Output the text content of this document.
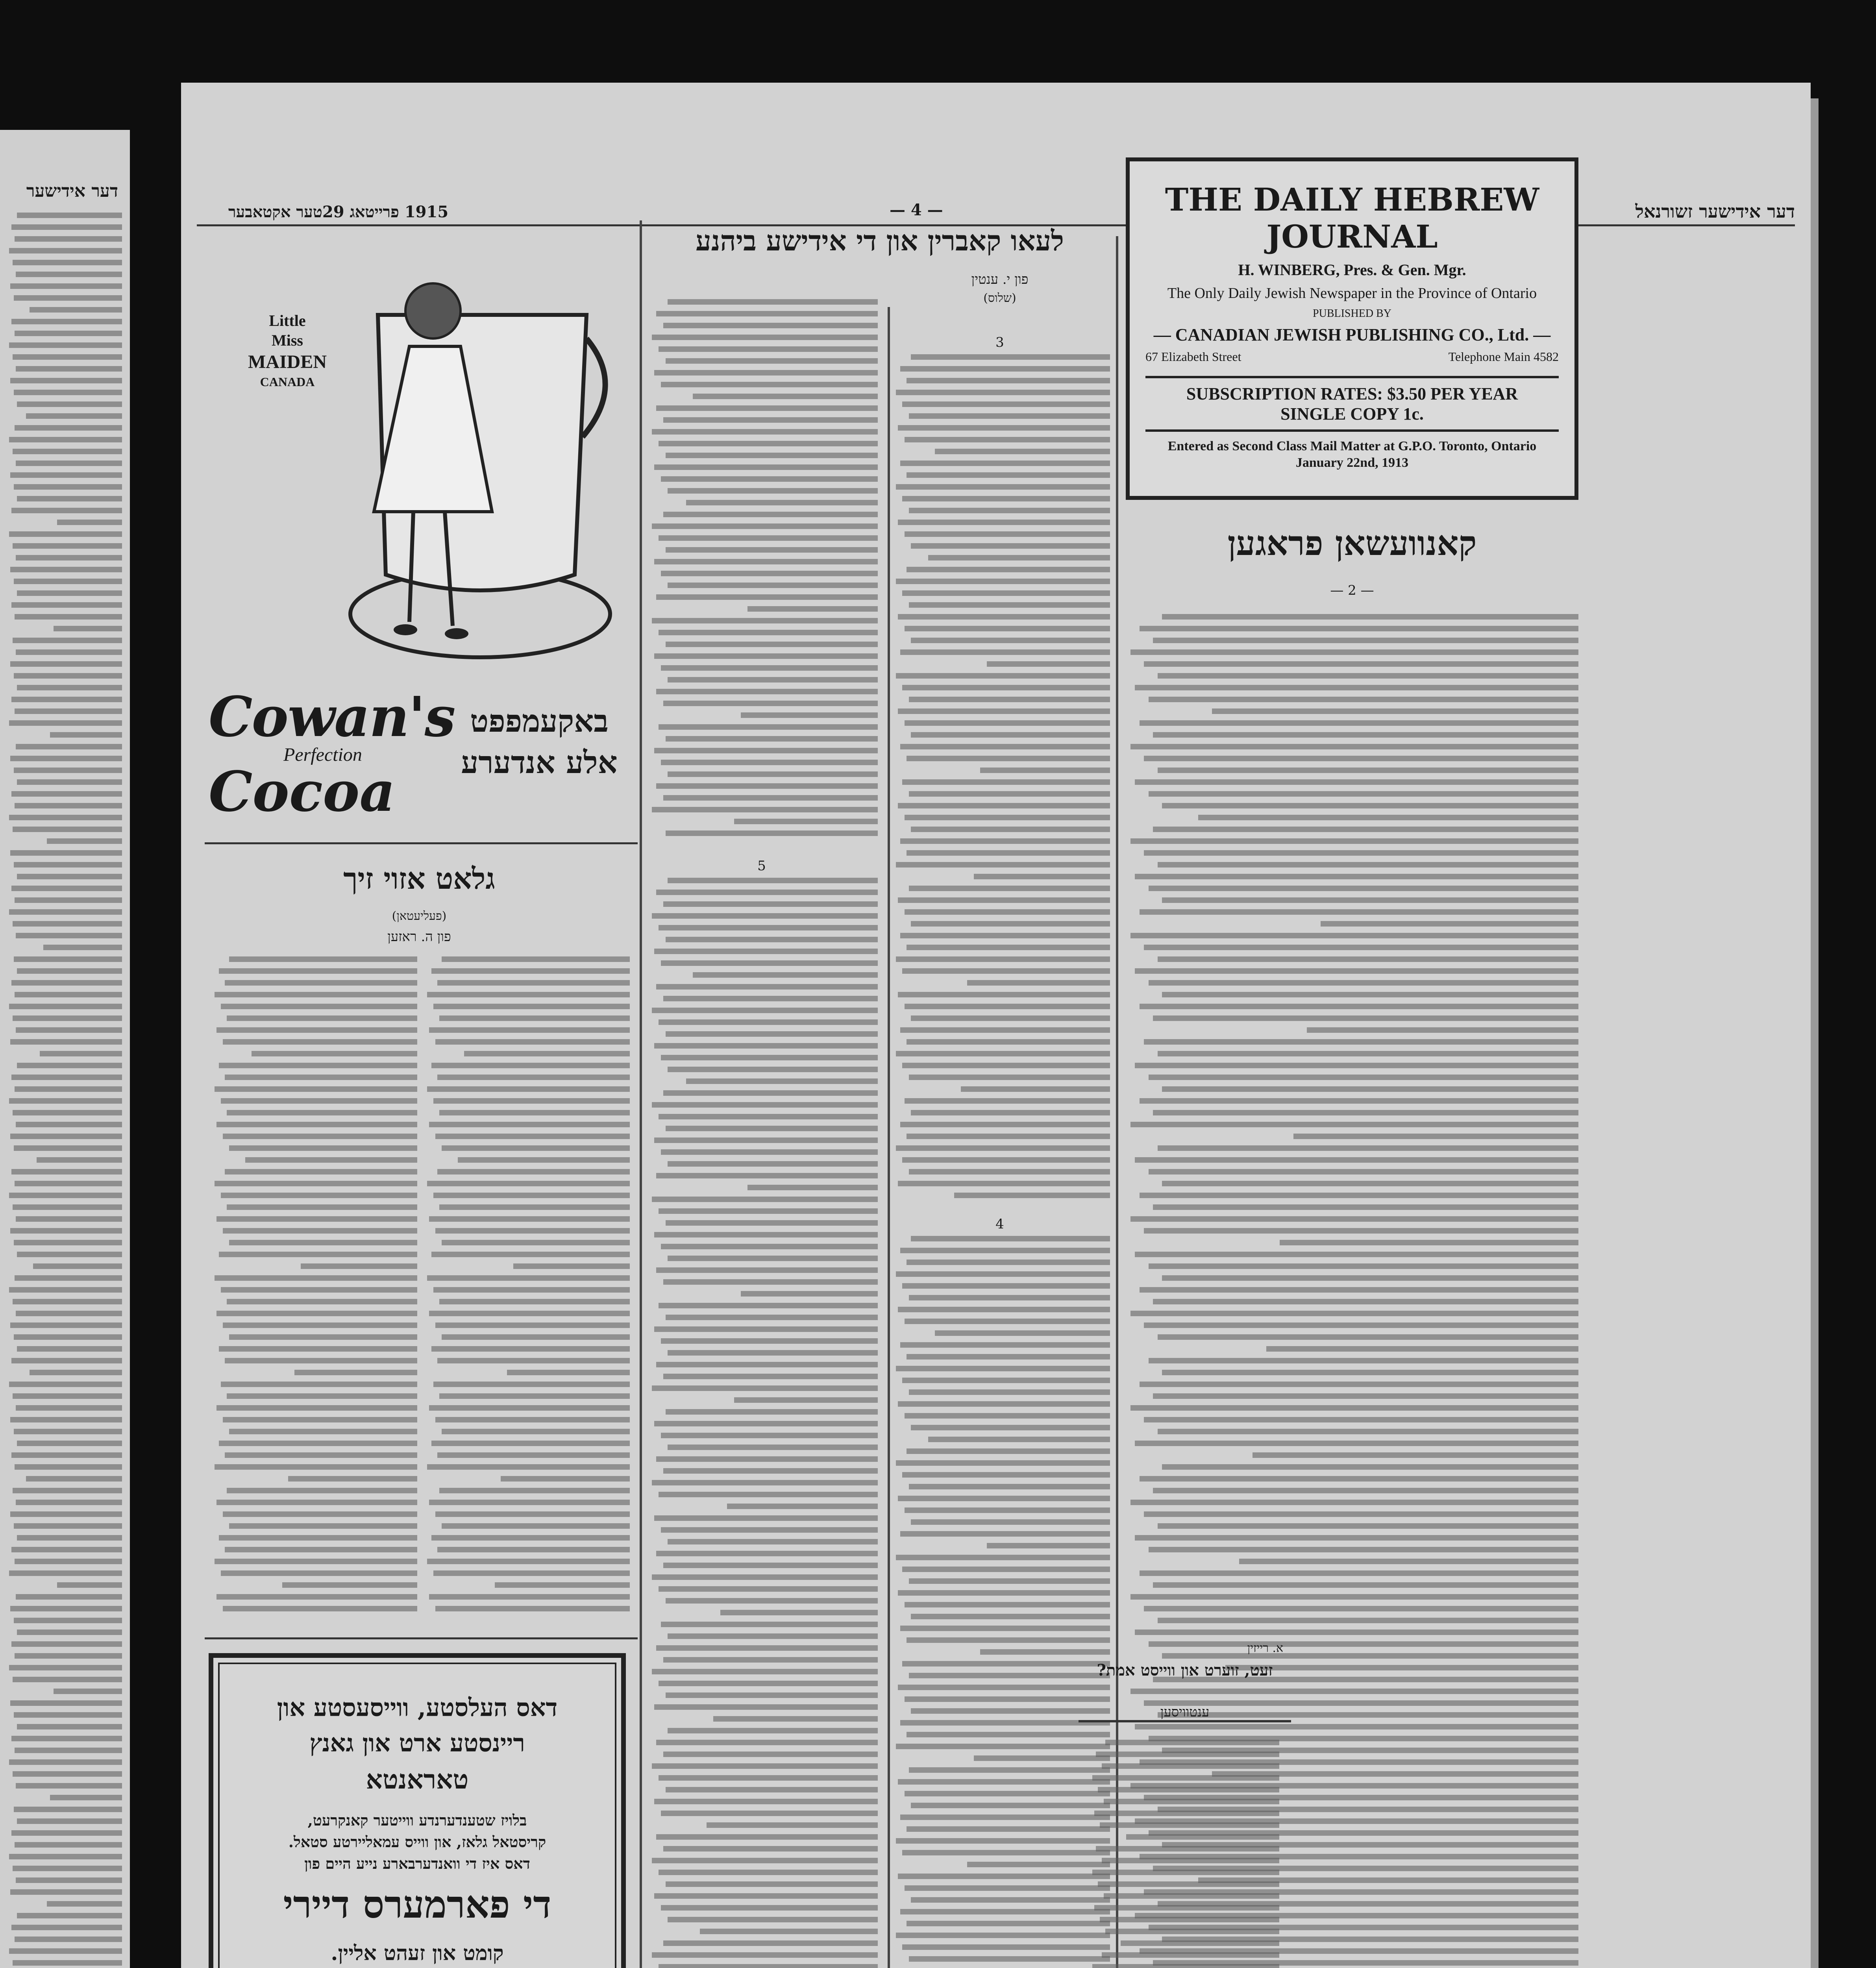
דער אידישער
1915 פרייטאג 29טער אקטאבער	— 4 —	דער אידישער זשורנאל
THE DAILY HEBREW JOURNAL
H. WINBERG, Pres. & Gen. Mgr.
The Only Daily Jewish Newspaper in the Province of Ontario
PUBLISHED BY
— CANADIAN JEWISH PUBLISHING CO., Ltd. —
67 Elizabeth Street	Telephone Main 4582
SUBSCRIPTION RATES: $3.50 PER YEAR
SINGLE COPY 1c.
Entered as Second Class Mail Matter at G.P.O. Toronto, Ontario
January 22nd, 1913
קאנוועשאן פראגען
— 2 —
לעאו קאברין און די אידישע ביהנע
פון י. ענטין
(שלוס)
3
4
5
א. רייזין
זעט, זוערט און ווייסט אמת?
ענטוויסען
Little
Miss
MAIDEN
CANADA
Cowan's
Perfection
Cocoa
באקעמפפט
אלע אנדערע
גלאט אזוי זיך
(פעליעטאן)
פון ה. ראזען
דאס העלסטע, ווייסעסטע און
ריינסטע ארט און גאנץ
טאראנטא
בלויז שטענדערנדע ווייטער קאנקרעט,
קריסטאל גלאז, און ווייס עמאליירטע סטאל.
דאס איז די וואנדערבארע נייע היים פון
די פארמערס דיירי
קומט און זעהט אליין.
